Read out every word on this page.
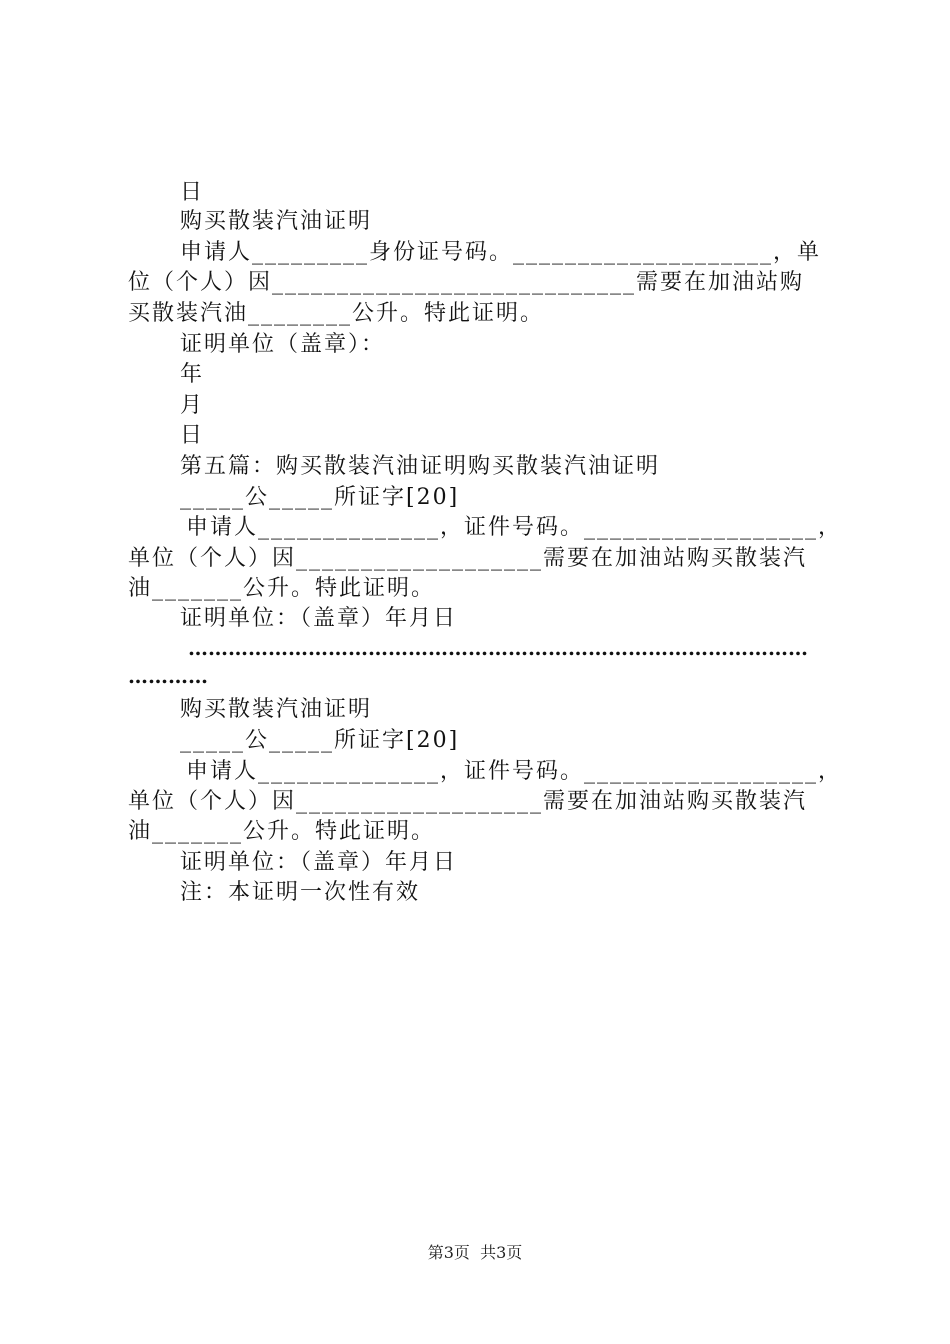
日
购买散装汽油证明
申请人_________身份证号码。____________________，单
位（个人）因____________________________需要在加油站购
买散装汽油________公升。特此证明。
证明单位（盖章）：
年
月
日
第五篇：购买散装汽油证明购买散装汽油证明
_____公_____所证字[20]
申请人______________，证件号码。__________________，
单位（个人）因___________________需要在加油站购买散装汽
油_______公升。特此证明。
证明单位：（盖章）年月日
…………………………………………………………………………………
…………
购买散装汽油证明
_____公_____所证字[20]
申请人______________，证件号码。__________________，
单位（个人）因___________________需要在加油站购买散装汽
油_______公升。特此证明。
证明单位：（盖章）年月日
注：本证明一次性有效
第3页  共3页
